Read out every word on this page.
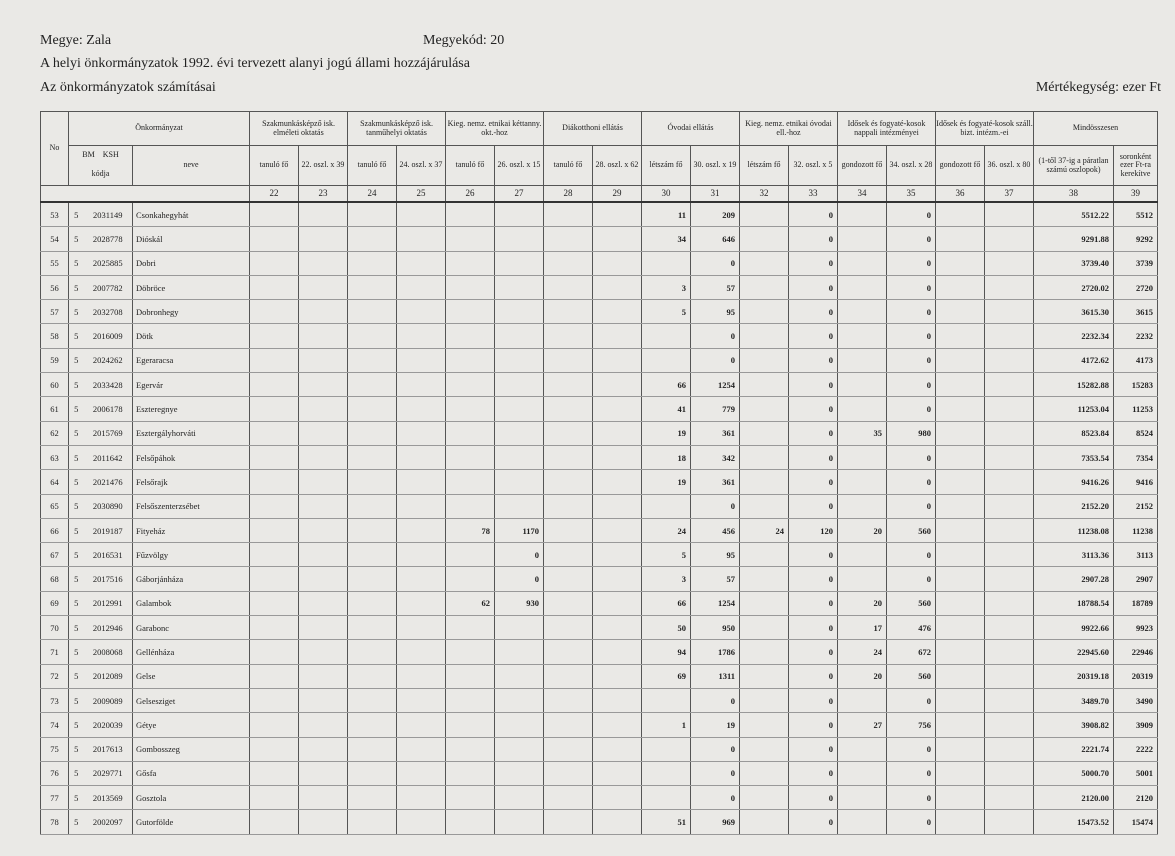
Megye: Zala	Megyekód: 20
A helyi önkormányzatok 1992. évi tervezett alanyi jogú állami hozzájárulása
Az önkormányzatok számításai	Mértékegység: ezer Ft
No	Önkormányzat			Szakmunkásképző isk. elméleti oktatás		Szakmunkásképző isk. tanműhelyi oktatás		Kieg. nemz. etnikai kéttanny. okt.-hoz		Diákotthoni ellátás		Óvodai ellátás		Kieg. nemz. etnikai óvodai ell.-hoz		Idősek és fogyaté-kosok nappali intézményei		Idősek és fogyaté-kosok száll. bizt. intézm.-ei		Mindösszesen	
	BM KSH		neve	tanuló fő	22. oszl. x 39	tanuló fő	24. oszl. x 37	tanuló fő	26. oszl. x 15	tanuló fő	28. oszl. x 62	létszám fő	30. oszl. x 19	létszám fő	32. oszl. x 5	gondozott fő	34. oszl. x 28	gondozott fő	36. oszl. x 80	(1-től 37-ig a páratlan számú oszlopok)	soronként ezer Ft-ra kerekítve
	kódja																				
				22	23	24	25	26	27	28	29	30	31	32	33	34	35	36	37	38	39
53	5	2031149	Csonkahegyhát									11	209		0		0			5512.22	5512
54	5	2028778	Dióskál									34	646		0		0			9291.88	9292
55	5	2025885	Dobri										0		0		0			3739.40	3739
56	5	2007782	Döbröce									3	57		0		0			2720.02	2720
57	5	2032708	Dobronhegy									5	95		0		0			3615.30	3615
58	5	2016009	Dötk										0		0		0			2232.34	2232
59	5	2024262	Egeraracsa										0		0		0			4172.62	4173
60	5	2033428	Egervár									66	1254		0		0			15282.88	15283
61	5	2006178	Eszteregnye									41	779		0		0			11253.04	11253
62	5	2015769	Esztergályhorváti									19	361		0	35	980			8523.84	8524
63	5	2011642	Felsőpáhok									18	342		0		0			7353.54	7354
64	5	2021476	Felsőrajk									19	361		0		0			9416.26	9416
65	5	2030890	Felsőszenterzsébet										0		0		0			2152.20	2152
66	5	2019187	Fityeház					78	1170			24	456	24	120	20	560			11238.08	11238
67	5	2016531	Fűzvölgy						0			5	95		0		0			3113.36	3113
68	5	2017516	Gáborjánháza						0			3	57		0		0			2907.28	2907
69	5	2012991	Galambok					62	930			66	1254		0	20	560			18788.54	18789
70	5	2012946	Garabonc									50	950		0	17	476			9922.66	9923
71	5	2008068	Gellénháza									94	1786		0	24	672			22945.60	22946
72	5	2012089	Gelse									69	1311		0	20	560			20319.18	20319
73	5	2009089	Gelsesziget										0		0		0			3489.70	3490
74	5	2020039	Gétye									1	19		0	27	756			3908.82	3909
75	5	2017613	Gombosszeg										0		0		0			2221.74	2222
76	5	2029771	Gősfa										0		0		0			5000.70	5001
77	5	2013569	Gosztola										0		0		0			2120.00	2120
78	5	2002097	Gutorfölde									51	969		0		0			15473.52	15474
